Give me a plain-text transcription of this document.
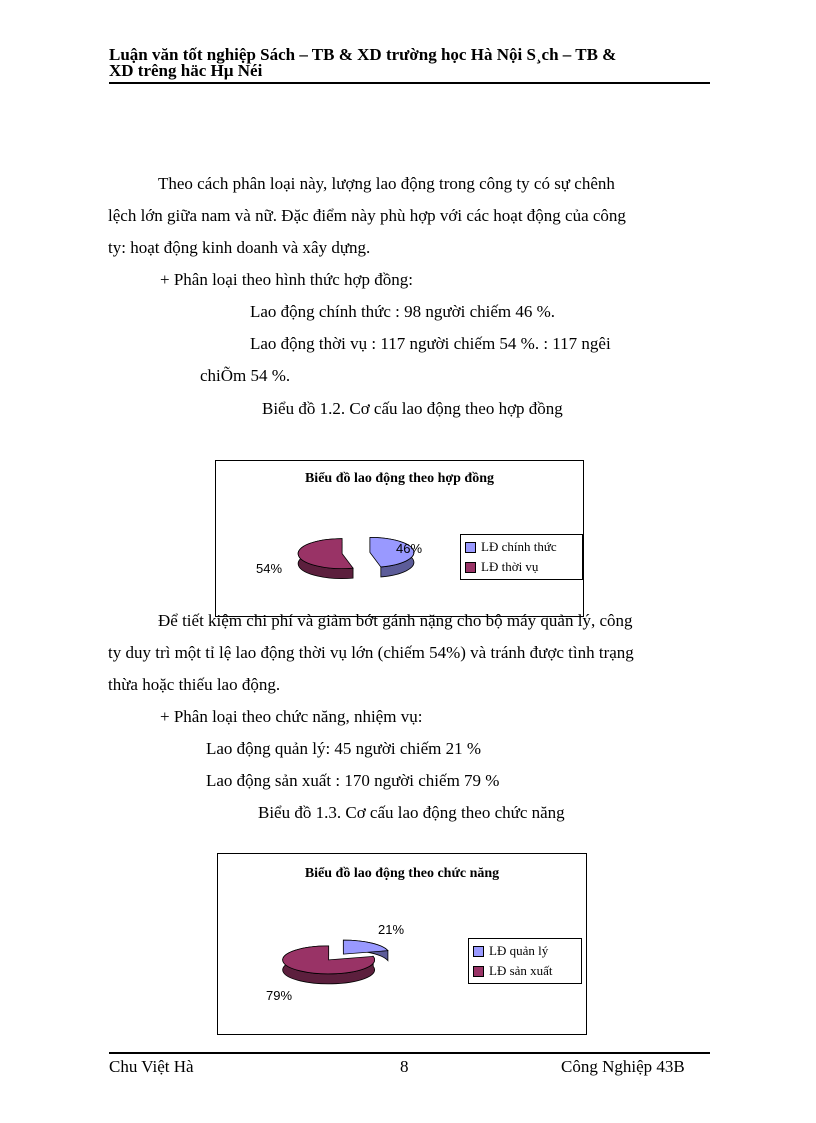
Luận văn tốt nghiệp Sách – TB & XD trường học Hà Nội S¸ch – TB &
XD trêng häc Hµ Néi
Theo cách phân loại này, lượng lao động trong công ty có sự chênh
lệch lớn giữa nam và nữ. Đặc điểm này phù hợp với các hoạt động của công
ty: hoạt động kinh doanh và xây dựng.
+ Phân loại theo hình thức hợp đồng:
Lao động chính thức : 98 người chiếm 46 %.
Lao động thời vụ : 117 người chiếm 54 %. : 117 ngêi
chiÕm 54 %.
Biểu đồ 1.2. Cơ cấu lao động theo hợp đồng
Biểu đồ lao động theo hợp đồng
46%
54%
LĐ chính thức
LĐ thời vụ
Để tiết kiệm chi phí và giảm bớt gánh nặng cho bộ máy quản lý, công
ty duy trì một tỉ lệ lao động thời vụ lớn (chiếm 54%) và tránh được tình trạng
thừa hoặc thiếu lao động.
+ Phân loại theo chức năng, nhiệm vụ:
Lao động quản lý: 45 người chiếm 21 %
Lao động sản xuất : 170 người chiếm 79 %
Biểu đồ 1.3. Cơ cấu lao động theo chức năng
Biểu đồ lao động theo chức năng
21%
79%
LĐ quản lý
LĐ sản xuất
Chu Việt Hà	8	Công Nghiệp 43B
